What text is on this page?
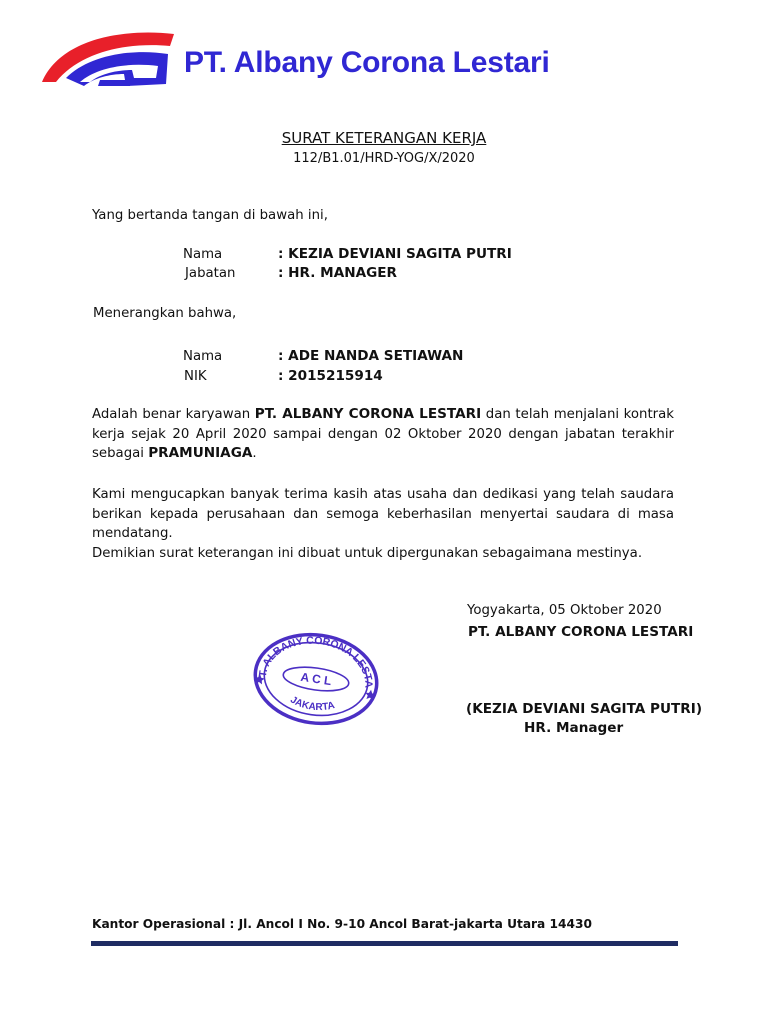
PT. Albany Corona Lestari
SURAT KETERANGAN KERJA
112/B1.01/HRD-YOG/X/2020
Yang bertanda tangan di bawah ini,
Nama	: KEZIA DEVIANI SAGITA PUTRI
Jabatan	: HR. MANAGER
Menerangkan bahwa,
Nama	: ADE NANDA SETIAWAN
NIK	: 2015215914
Adalah benar karyawan PT. ALBANY CORONA LESTARI dan telah menjalani kontrak kerja sejak 20 April 2020 sampai dengan 02 Oktober 2020 dengan jabatan terakhir sebagai PRAMUNIAGA.
Kami mengucapkan banyak terima kasih atas usaha dan dedikasi yang telah saudara berikan kepada perusahaan dan semoga keberhasilan menyertai saudara di masa mendatang.
Demikian surat keterangan ini dibuat untuk dipergunakan sebagaimana mestinya.
Yogyakarta, 05 Oktober 2020
PT. ALBANY CORONA LESTARI
(KEZIA DEVIANI SAGITA PUTRI)
HR. Manager
PT. ALBANY CORONA LESTARI
A C L
JAKARTA
Kantor Operasional : Jl. Ancol I No. 9-10 Ancol Barat-jakarta Utara 14430
